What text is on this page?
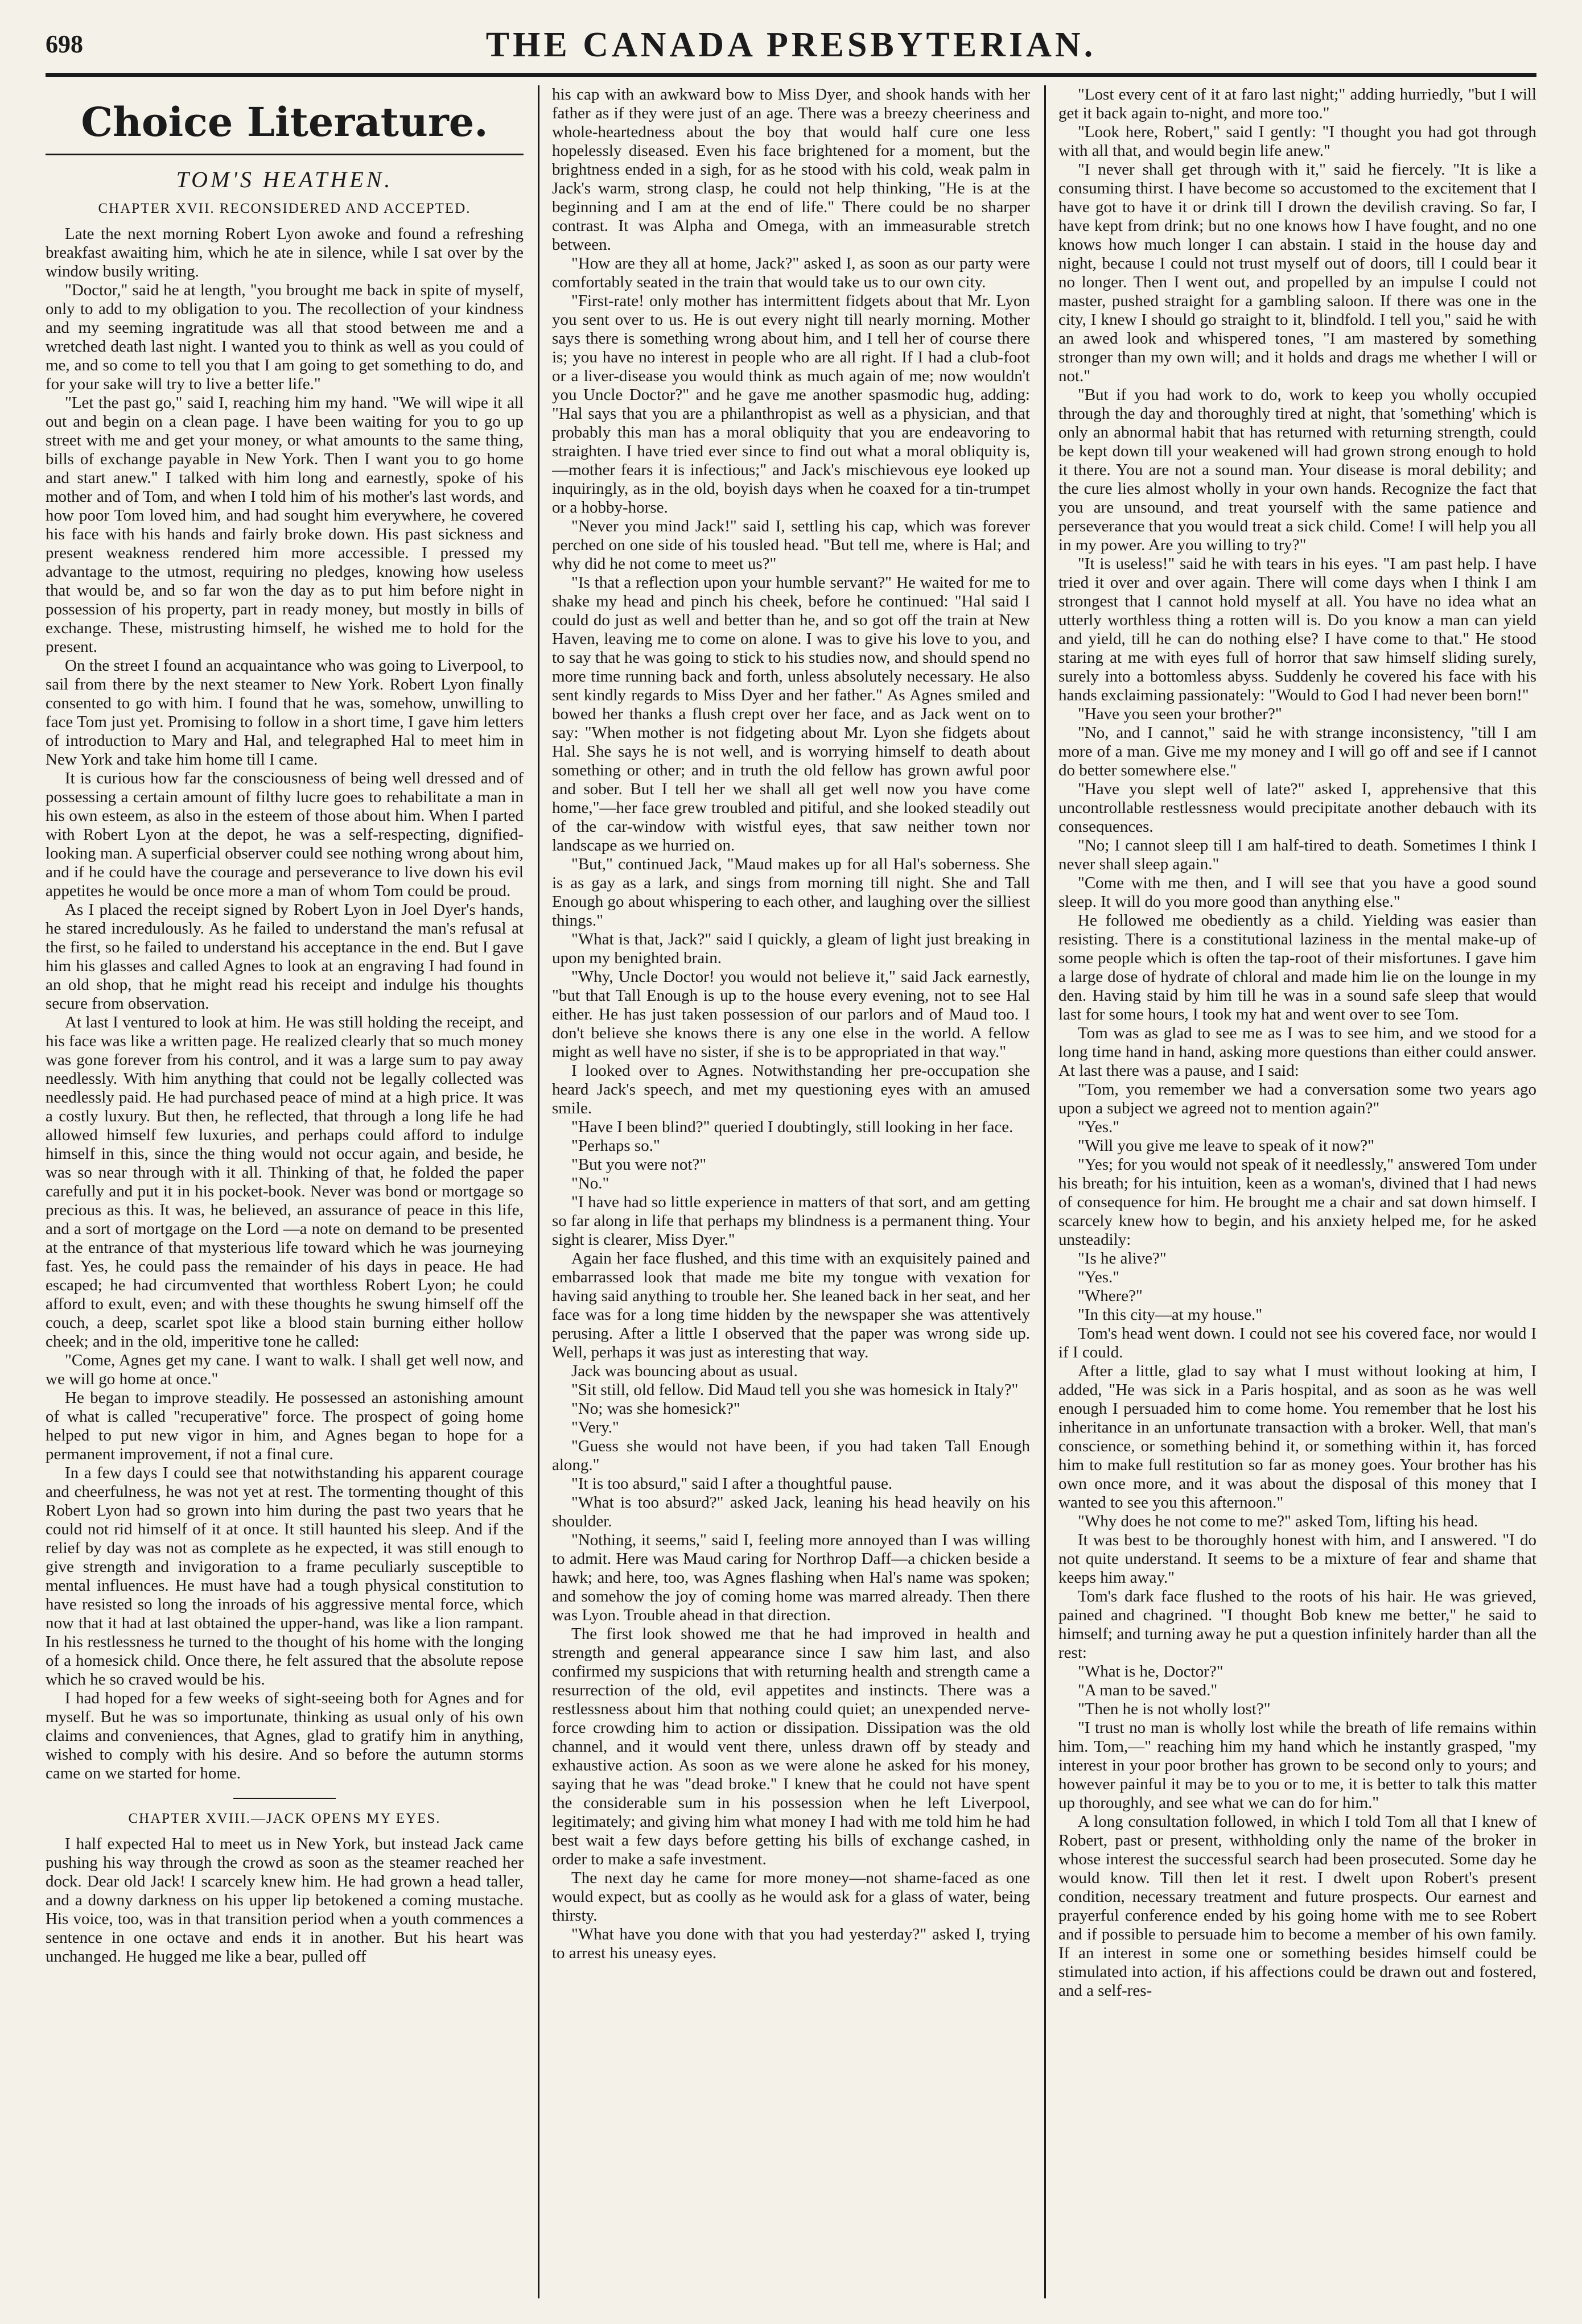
698	THE CANADA PRESBYTERIAN.
Choice Literature.
TOM'S HEATHEN.
CHAPTER XVII. RECONSIDERED AND ACCEPTED.

Late the next morning Robert Lyon awoke and found a refreshing breakfast awaiting him, which he ate in silence, while I sat over by the window busily writing.

"Doctor," said he at length, "you brought me back in spite of myself, only to add to my obligation to you. The recollection of your kindness and my seeming ingratitude was all that stood between me and a wretched death last night. I wanted you to think as well as you could of me, and so come to tell you that I am going to get something to do, and for your sake will try to live a better life."

"Let the past go," said I, reaching him my hand. "We will wipe it all out and begin on a clean page. I have been waiting for you to go up street with me and get your money, or what amounts to the same thing, bills of exchange payable in New York. Then I want you to go home and start anew." I talked with him long and earnestly, spoke of his mother and of Tom, and when I told him of his mother's last words, and how poor Tom loved him, and had sought him everywhere, he covered his face with his hands and fairly broke down. His past sickness and present weakness rendered him more accessible. I pressed my advantage to the utmost, requiring no pledges, knowing how useless that would be, and so far won the day as to put him before night in possession of his property, part in ready money, but mostly in bills of exchange. These, mistrusting himself, he wished me to hold for the present.

On the street I found an acquaintance who was going to Liverpool, to sail from there by the next steamer to New York. Robert Lyon finally consented to go with him. I found that he was, somehow, unwilling to face Tom just yet. Promising to follow in a short time, I gave him letters of introduction to Mary and Hal, and telegraphed Hal to meet him in New York and take him home till I came.

It is curious how far the consciousness of being well dressed and of possessing a certain amount of filthy lucre goes to rehabilitate a man in his own esteem, as also in the esteem of those about him. When I parted with Robert Lyon at the depot, he was a self-respecting, dignified-looking man. A superficial observer could see nothing wrong about him, and if he could have the courage and perseverance to live down his evil appetites he would be once more a man of whom Tom could be proud.

As I placed the receipt signed by Robert Lyon in Joel Dyer's hands, he stared incredulously. As he failed to understand the man's refusal at the first, so he failed to understand his acceptance in the end. But I gave him his glasses and called Agnes to look at an engraving I had found in an old shop, that he might read his receipt and indulge his thoughts secure from observation.

At last I ventured to look at him. He was still holding the receipt, and his face was like a written page. He realized clearly that so much money was gone forever from his control, and it was a large sum to pay away needlessly. With him anything that could not be legally collected was needlessly paid. He had purchased peace of mind at a high price. It was a costly luxury. But then, he reflected, that through a long life he had allowed himself few luxuries, and perhaps could afford to indulge himself in this, since the thing would not occur again, and beside, he was so near through with it all. Thinking of that, he folded the paper carefully and put it in his pocket-book. Never was bond or mortgage so precious as this. It was, he believed, an assurance of peace in this life, and a sort of mortgage on the Lord —a note on demand to be presented at the entrance of that mysterious life toward which he was journeying fast. Yes, he could pass the remainder of his days in peace. He had escaped; he had circumvented that worthless Robert Lyon; he could afford to exult, even; and with these thoughts he swung himself off the couch, a deep, scarlet spot like a blood stain burning either hollow cheek; and in the old, imperitive tone he called:

"Come, Agnes get my cane. I want to walk. I shall get well now, and we will go home at once."

He began to improve steadily. He possessed an astonishing amount of what is called "recuperative" force. The prospect of going home helped to put new vigor in him, and Agnes began to hope for a permanent improvement, if not a final cure.

In a few days I could see that notwithstanding his apparent courage and cheerfulness, he was not yet at rest. The tormenting thought of this Robert Lyon had so grown into him during the past two years that he could not rid himself of it at once. It still haunted his sleep. And if the relief by day was not as complete as he expected, it was still enough to give strength and invigoration to a frame peculiarly susceptible to mental influences. He must have had a tough physical constitution to have resisted so long the inroads of his aggressive mental force, which now that it had at last obtained the upper-hand, was like a lion rampant. In his restlessness he turned to the thought of his home with the longing of a homesick child. Once there, he felt assured that the absolute repose which he so craved would be his.

I had hoped for a few weeks of sight-seeing both for Agnes and for myself. But he was so importunate, thinking as usual only of his own claims and conveniences, that Agnes, glad to gratify him in anything, wished to comply with his desire. And so before the autumn storms came on we started for home.

CHAPTER XVIII.—JACK OPENS MY EYES.

I half expected Hal to meet us in New York, but instead Jack came pushing his way through the crowd as soon as the steamer reached her dock. Dear old Jack! I scarcely knew him. He had grown a head taller, and a downy darkness on his upper lip betokened a coming mustache. His voice, too, was in that transition period when a youth commences a sentence in one octave and ends it in another. But his heart was unchanged. He hugged me like a bear, pulled off

his cap with an awkward bow to Miss Dyer, and shook hands with her father as if they were just of an age. There was a breezy cheeriness and whole-heartedness about the boy that would half cure one less hopelessly diseased. Even his face brightened for a moment, but the brightness ended in a sigh, for as he stood with his cold, weak palm in Jack's warm, strong clasp, he could not help thinking, "He is at the beginning and I am at the end of life." There could be no sharper contrast. It was Alpha and Omega, with an immeasurable stretch between.

"How are they all at home, Jack?" asked I, as soon as our party were comfortably seated in the train that would take us to our own city.

"First-rate! only mother has intermittent fidgets about that Mr. Lyon you sent over to us. He is out every night till nearly morning. Mother says there is something wrong about him, and I tell her of course there is; you have no interest in people who are all right. If I had a club-foot or a liver-disease you would think as much again of me; now wouldn't you Uncle Doctor?" and he gave me another spasmodic hug, adding: "Hal says that you are a philanthropist as well as a physician, and that probably this man has a moral obliquity that you are endeavoring to straighten. I have tried ever since to find out what a moral obliquity is,—mother fears it is infectious;" and Jack's mischievous eye looked up inquiringly, as in the old, boyish days when he coaxed for a tin-trumpet or a hobby-horse.

"Never you mind Jack!" said I, settling his cap, which was forever perched on one side of his tousled head. "But tell me, where is Hal; and why did he not come to meet us?"

"Is that a reflection upon your humble servant?" He waited for me to shake my head and pinch his cheek, before he continued: "Hal said I could do just as well and better than he, and so got off the train at New Haven, leaving me to come on alone. I was to give his love to you, and to say that he was going to stick to his studies now, and should spend no more time running back and forth, unless absolutely necessary. He also sent kindly regards to Miss Dyer and her father." As Agnes smiled and bowed her thanks a flush crept over her face, and as Jack went on to say: "When mother is not fidgeting about Mr. Lyon she fidgets about Hal. She says he is not well, and is worrying himself to death about something or other; and in truth the old fellow has grown awful poor and sober. But I tell her we shall all get well now you have come home,"—her face grew troubled and pitiful, and she looked steadily out of the car-window with wistful eyes, that saw neither town nor landscape as we hurried on.

"But," continued Jack, "Maud makes up for all Hal's soberness. She is as gay as a lark, and sings from morning till night. She and Tall Enough go about whispering to each other, and laughing over the silliest things."

"What is that, Jack?" said I quickly, a gleam of light just breaking in upon my benighted brain.

"Why, Uncle Doctor! you would not believe it," said Jack earnestly, "but that Tall Enough is up to the house every evening, not to see Hal either. He has just taken possession of our parlors and of Maud too. I don't believe she knows there is any one else in the world. A fellow might as well have no sister, if she is to be appropriated in that way."

I looked over to Agnes. Notwithstanding her pre-occupation she heard Jack's speech, and met my questioning eyes with an amused smile.

"Have I been blind?" queried I doubtingly, still looking in her face.

"Perhaps so."

"But you were not?"

"No."

"I have had so little experience in matters of that sort, and am getting so far along in life that perhaps my blindness is a permanent thing. Your sight is clearer, Miss Dyer."

Again her face flushed, and this time with an exquisitely pained and embarrassed look that made me bite my tongue with vexation for having said anything to trouble her. She leaned back in her seat, and her face was for a long time hidden by the newspaper she was attentively perusing. After a little I observed that the paper was wrong side up. Well, perhaps it was just as interesting that way.

Jack was bouncing about as usual.

"Sit still, old fellow. Did Maud tell you she was homesick in Italy?"

"No; was she homesick?"

"Very."

"Guess she would not have been, if you had taken Tall Enough along."

"It is too absurd," said I after a thoughtful pause.

"What is too absurd?" asked Jack, leaning his head heavily on his shoulder.

"Nothing, it seems," said I, feeling more annoyed than I was willing to admit. Here was Maud caring for Northrop Daff—a chicken beside a hawk; and here, too, was Agnes flashing when Hal's name was spoken; and somehow the joy of coming home was marred already. Then there was Lyon. Trouble ahead in that direction.

The first look showed me that he had improved in health and strength and general appearance since I saw him last, and also confirmed my suspicions that with returning health and strength came a resurrection of the old, evil appetites and instincts. There was a restlessness about him that nothing could quiet; an unexpended nerve-force crowding him to action or dissipation. Dissipation was the old channel, and it would vent there, unless drawn off by steady and exhaustive action. As soon as we were alone he asked for his money, saying that he was "dead broke." I knew that he could not have spent the considerable sum in his possession when he left Liverpool, legitimately; and giving him what money I had with me told him he had best wait a few days before getting his bills of exchange cashed, in order to make a safe investment.

The next day he came for more money—not shame-faced as one would expect, but as coolly as he would ask for a glass of water, being thirsty.

"What have you done with that you had yesterday?" asked I, trying to arrest his uneasy eyes.

"Lost every cent of it at faro last night;" adding hurriedly, "but I will get it back again to-night, and more too."

"Look here, Robert," said I gently: "I thought you had got through with all that, and would begin life anew."

"I never shall get through with it," said he fiercely. "It is like a consuming thirst. I have become so accustomed to the excitement that I have got to have it or drink till I drown the devilish craving. So far, I have kept from drink; but no one knows how I have fought, and no one knows how much longer I can abstain. I staid in the house day and night, because I could not trust myself out of doors, till I could bear it no longer. Then I went out, and propelled by an impulse I could not master, pushed straight for a gambling saloon. If there was one in the city, I knew I should go straight to it, blindfold. I tell you," said he with an awed look and whispered tones, "I am mastered by something stronger than my own will; and it holds and drags me whether I will or not."

"But if you had work to do, work to keep you wholly occupied through the day and thoroughly tired at night, that 'something' which is only an abnormal habit that has returned with returning strength, could be kept down till your weakened will had grown strong enough to hold it there. You are not a sound man. Your disease is moral debility; and the cure lies almost wholly in your own hands. Recognize the fact that you are unsound, and treat yourself with the same patience and perseverance that you would treat a sick child. Come! I will help you all in my power. Are you willing to try?"

"It is useless!" said he with tears in his eyes. "I am past help. I have tried it over and over again. There will come days when I think I am strongest that I cannot hold myself at all. You have no idea what an utterly worthless thing a rotten will is. Do you know a man can yield and yield, till he can do nothing else? I have come to that." He stood staring at me with eyes full of horror that saw himself sliding surely, surely into a bottomless abyss. Suddenly he covered his face with his hands exclaiming passionately: "Would to God I had never been born!"

"Have you seen your brother?"

"No, and I cannot," said he with strange inconsistency, "till I am more of a man. Give me my money and I will go off and see if I cannot do better somewhere else."

"Have you slept well of late?" asked I, apprehensive that this uncontrollable restlessness would precipitate another debauch with its consequences.

"No; I cannot sleep till I am half-tired to death. Sometimes I think I never shall sleep again."

"Come with me then, and I will see that you have a good sound sleep. It will do you more good than anything else."

He followed me obediently as a child. Yielding was easier than resisting. There is a constitutional laziness in the mental make-up of some people which is often the tap-root of their misfortunes. I gave him a large dose of hydrate of chloral and made him lie on the lounge in my den. Having staid by him till he was in a sound safe sleep that would last for some hours, I took my hat and went over to see Tom.

Tom was as glad to see me as I was to see him, and we stood for a long time hand in hand, asking more questions than either could answer. At last there was a pause, and I said:

"Tom, you remember we had a conversation some two years ago upon a subject we agreed not to mention again?"

"Yes."

"Will you give me leave to speak of it now?"

"Yes; for you would not speak of it needlessly," answered Tom under his breath; for his intuition, keen as a woman's, divined that I had news of consequence for him. He brought me a chair and sat down himself. I scarcely knew how to begin, and his anxiety helped me, for he asked unsteadily:

"Is he alive?"

"Yes."

"Where?"

"In this city—at my house."

Tom's head went down. I could not see his covered face, nor would I if I could.

After a little, glad to say what I must without looking at him, I added, "He was sick in a Paris hospital, and as soon as he was well enough I persuaded him to come home. You remember that he lost his inheritance in an unfortunate transaction with a broker. Well, that man's conscience, or something behind it, or something within it, has forced him to make full restitution so far as money goes. Your brother has his own once more, and it was about the disposal of this money that I wanted to see you this afternoon."

"Why does he not come to me?" asked Tom, lifting his head.

It was best to be thoroughly honest with him, and I answered. "I do not quite understand. It seems to be a mixture of fear and shame that keeps him away."

Tom's dark face flushed to the roots of his hair. He was grieved, pained and chagrined. "I thought Bob knew me better," he said to himself; and turning away he put a question infinitely harder than all the rest:

"What is he, Doctor?"

"A man to be saved."

"Then he is not wholly lost?"

"I trust no man is wholly lost while the breath of life remains within him. Tom,—" reaching him my hand which he instantly grasped, "my interest in your poor brother has grown to be second only to yours; and however painful it may be to you or to me, it is better to talk this matter up thoroughly, and see what we can do for him."

A long consultation followed, in which I told Tom all that I knew of Robert, past or present, withholding only the name of the broker in whose interest the successful search had been prosecuted. Some day he would know. Till then let it rest. I dwelt upon Robert's present condition, necessary treatment and future prospects. Our earnest and prayerful conference ended by his going home with me to see Robert and if possible to persuade him to become a member of his own family. If an interest in some one or something besides himself could be stimulated into action, if his affections could be drawn out and fostered, and a self-res-
